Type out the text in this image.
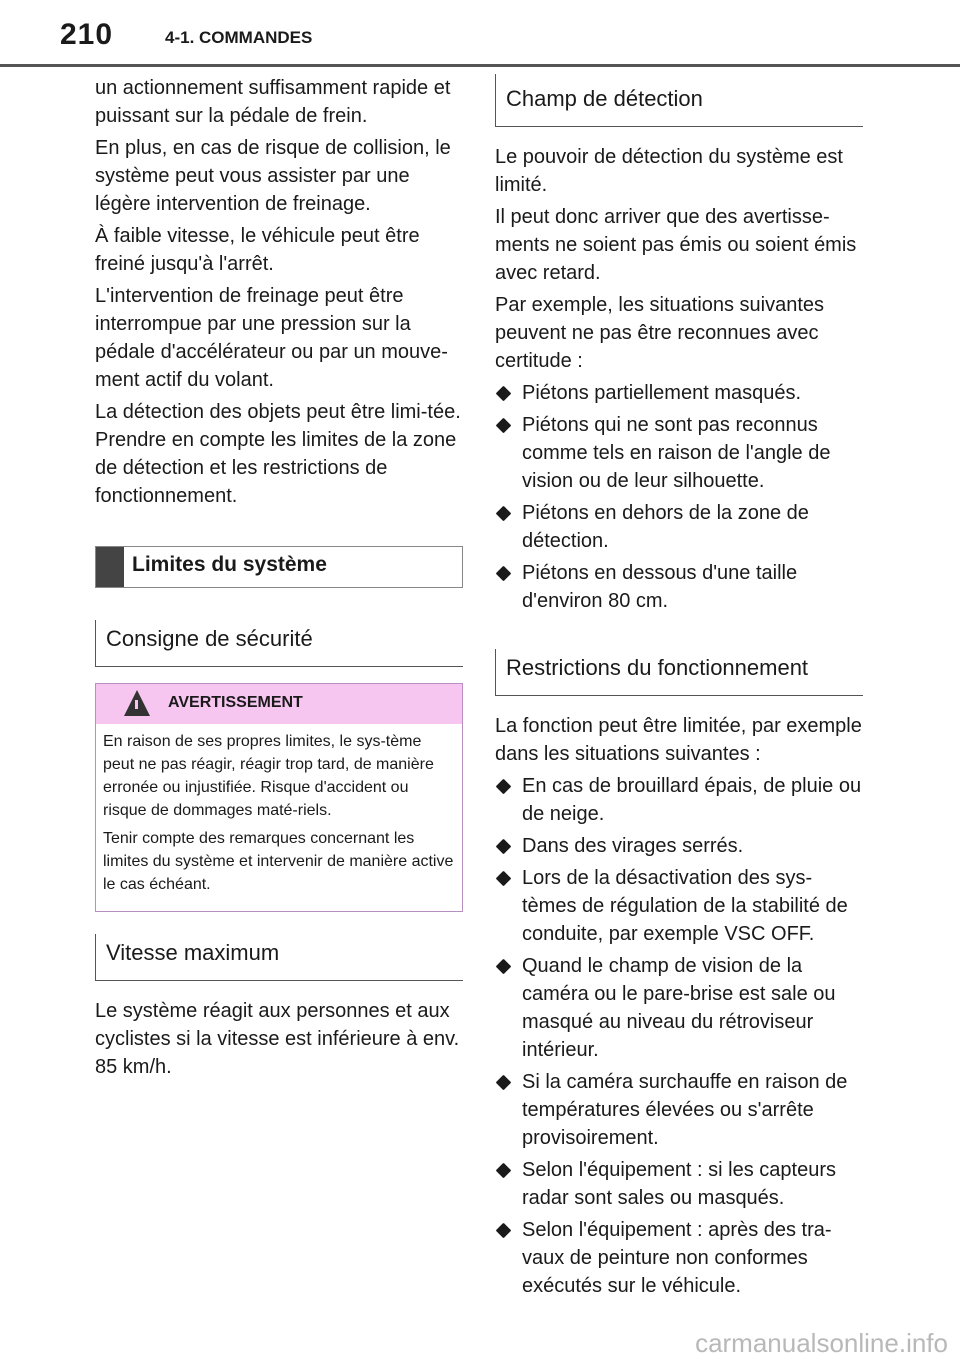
210	4-1. COMMANDES

un actionnement suffisamment rapide et puissant sur la pédale de frein.

En plus, en cas de risque de collision, le système peut vous assister par une légère intervention de freinage.

À faible vitesse, le véhicule peut être freiné jusqu'à l'arrêt.

L'intervention de freinage peut être interrompue par une pression sur la pédale d'accélérateur ou par un mouve-ment actif du volant.

La détection des objets peut être limi-tée. Prendre en compte les limites de la zone de détection et les restrictions de fonctionnement.

Limites du système
Consigne de sécurité
AVERTISSEMENT

En raison de ses propres limites, le sys-tème peut ne pas réagir, réagir trop tard, de manière erronée ou injustifiée. Risque d'accident ou risque de dommages maté-riels.

Tenir compte des remarques concernant les limites du système et intervenir de manière active le cas échéant.

Vitesse maximum

Le système réagit aux personnes et aux cyclistes si la vitesse est inférieure à env. 85 km/h.

Champ de détection

Le pouvoir de détection du système est limité.

Il peut donc arriver que des avertisse-ments ne soient pas émis ou soient émis avec retard.

Par exemple, les situations suivantes peuvent ne pas être reconnues avec certitude :

Piétons partiellement masqués.
Piétons qui ne sont pas reconnus comme tels en raison de l'angle de vision ou de leur silhouette.
Piétons en dehors de la zone de détection.
Piétons en dessous d'une taille d'environ 80 cm.
Restrictions du fonctionnement

La fonction peut être limitée, par exemple dans les situations suivantes :

En cas de brouillard épais, de pluie ou de neige.
Dans des virages serrés.
Lors de la désactivation des sys-tèmes de régulation de la stabilité de conduite, par exemple VSC OFF.
Quand le champ de vision de la caméra ou le pare-brise est sale ou masqué au niveau du rétroviseur intérieur.
Si la caméra surchauffe en raison de températures élevées ou s'arrête provisoirement.
Selon l'équipement : si les capteurs radar sont sales ou masqués.
Selon l'équipement : après des tra-vaux de peinture non conformes exécutés sur le véhicule.
carmanualsonline.info
